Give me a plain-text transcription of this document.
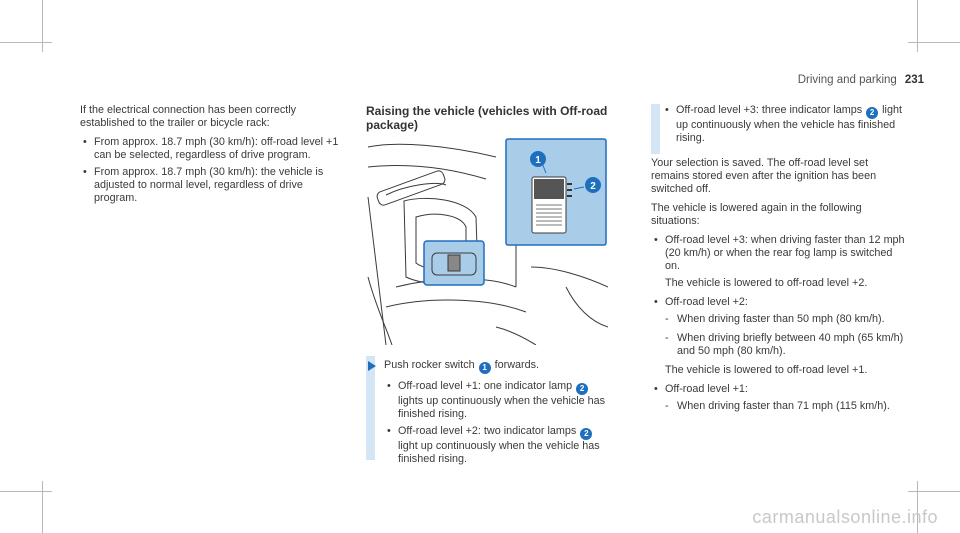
Driving and parking 231

If the electrical connection has been correctly established to the trailer or bicycle rack:

• From approx. 18.7 mph (30 km/h): off-road level +1 can be selected, regardless of drive program.
• From approx. 18.7 mph (30 km/h): the vehicle is adjusted to normal level, regardless of drive program.

Raising the vehicle (vehicles with Off-road package)

1
2

Push rocker switch 1 forwards.

• Off-road level +1: one indicator lamp 2 lights up continuously when the vehicle has finished rising.
• Off-road level +2: two indicator lamps 2 light up continuously when the vehicle has finished rising.
• Off-road level +3: three indicator lamps 2 light up continuously when the vehicle has finished rising.

Your selection is saved. The off-road level set remains stored even after the ignition has been switched off.

The vehicle is lowered again in the following situations:

• Off-road level +3: when driving faster than 12 mph (20 km/h) or when the rear fog lamp is switched on.

The vehicle is lowered to off-road level +2.

• Off-road level +2:
- When driving faster than 50 mph (80 km/h).
- When driving briefly between 40 mph (65 km/h) and 50 mph (80 km/h).

The vehicle is lowered to off-road level +1.

• Off-road level +1:
- When driving faster than 71 mph (115 km/h).
carmanualsonline.info
